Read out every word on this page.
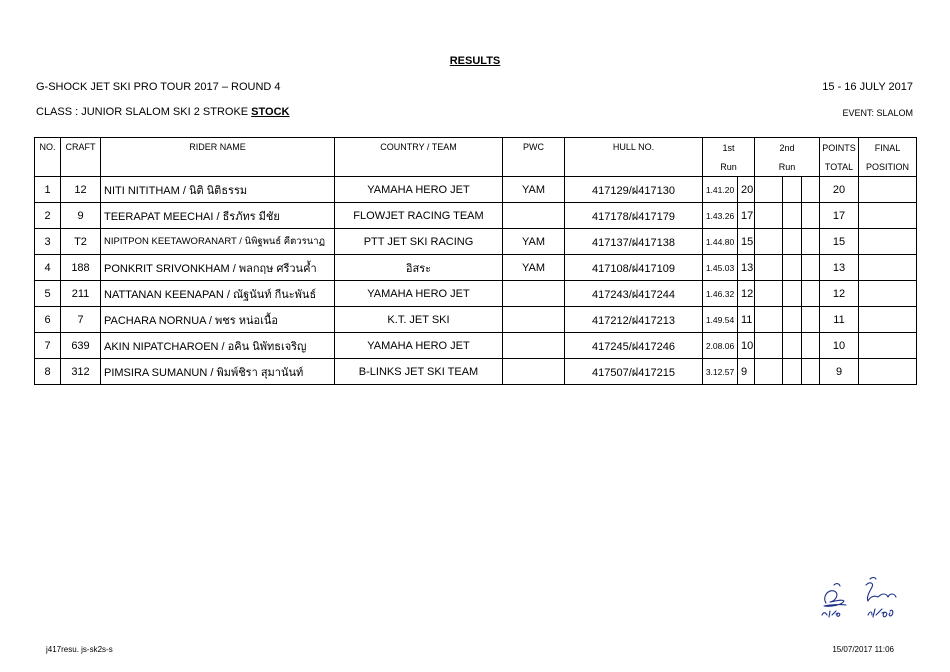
RESULTS
G-SHOCK JET SKI PRO TOUR 2017 – ROUND 4	15 - 16 JULY 2017
CLASS : JUNIOR SLALOM SKI 2 STROKE STOCK	EVENT: SLALOM
NO.	CRAFT	RIDER NAME	COUNTRY / TEAM	PWC	HULL NO.	1st		2nd			POINTS	FINAL
						Run		Run			TOTAL	POSITION
1	12	NITI NITITHAM / นิติ นิติธรรม	YAMAHA HERO JET	YAM	417129/ฝ417130	1.41.20	20				20	
2	9	TEERAPAT MEECHAI / ธีรภัทร มีชัย	FLOWJET RACING TEAM		417178/ฝ417179	1.43.26	17				17	
3	T2	NIPITPON KEETAWORANART / นิพิฐพนธ์ คีตวรนาฏ	PTT JET SKI RACING	YAM	417137/ฝ417138	1.44.80	15				15	
4	188	PONKRIT SRIVONKHAM / พลกฤษ ศรีวนค้ำ	อิสระ	YAM	417108/ฝ417109	1.45.03	13				13	
5	211	NATTANAN KEENAPAN / ณัฐนันท์ กีนะพันธ์	YAMAHA HERO JET		417243/ฝ417244	1.46.32	12				12	
6	7	PACHARA NORNUA / พชร หน่อเนื้อ	K.T. JET SKI		417212/ฝ417213	1.49.54	11				11	
7	639	AKIN NIPATCHAROEN / อคิน นิพัทธเจริญ	YAMAHA HERO JET		417245/ฝ417246	2.08.06	10				10	
8	312	PIMSIRA SUMANUN / พิมพ์ชิรา สุมานันท์	B-LINKS JET SKI TEAM		417507/ฝ417215	3.12.57	9				9	
j417resu. js-sk2s-s	15/07/2017 11:06
